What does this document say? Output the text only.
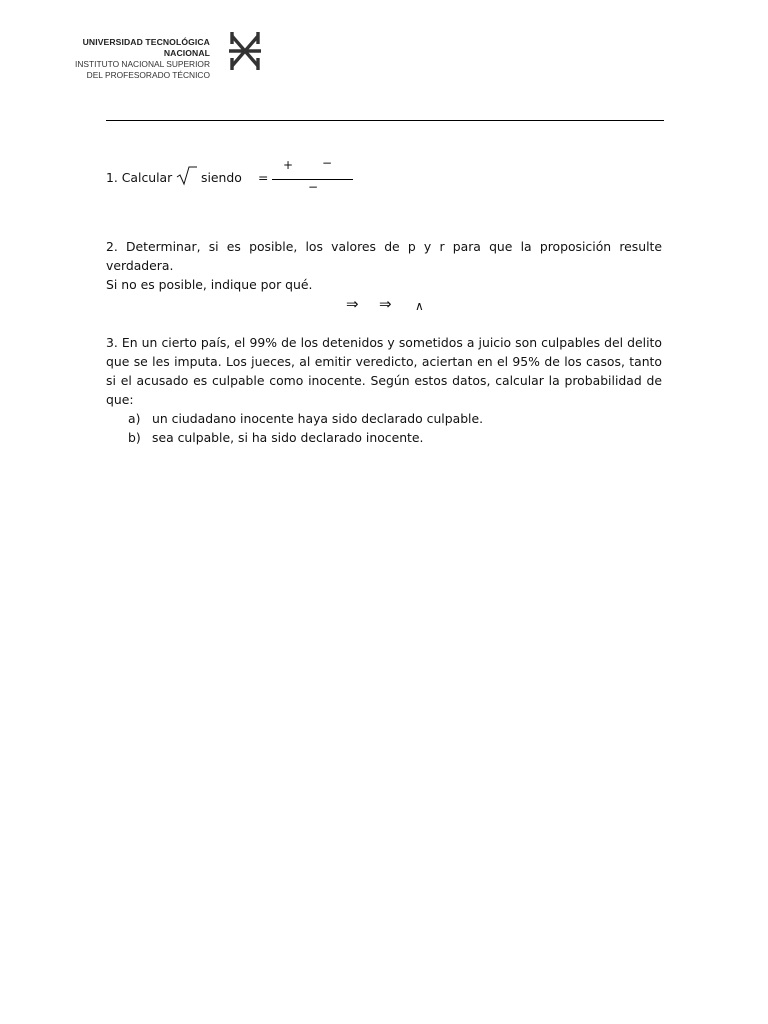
UNIVERSIDAD TECNOLÓGICA NACIONAL
INSTITUTO NACIONAL SUPERIOR
DEL PROFESORADO TÉCNICO
1. Calcular siendo =
+ −
−
2. Determinar, si es posible, los valores de p y r para que la proposición resulte verdadera.
Si no es posible, indique por qué.
⇒ ⇒ ∧
3. En un cierto país, el 99% de los detenidos y sometidos a juicio son culpables del delito que se les imputa. Los jueces, al emitir veredicto, aciertan en el 95% de los casos, tanto si el acusado es culpable como inocente. Según estos datos, calcular la probabilidad de que:
a) un ciudadano inocente haya sido declarado culpable.
b) sea culpable, si ha sido declarado inocente.
